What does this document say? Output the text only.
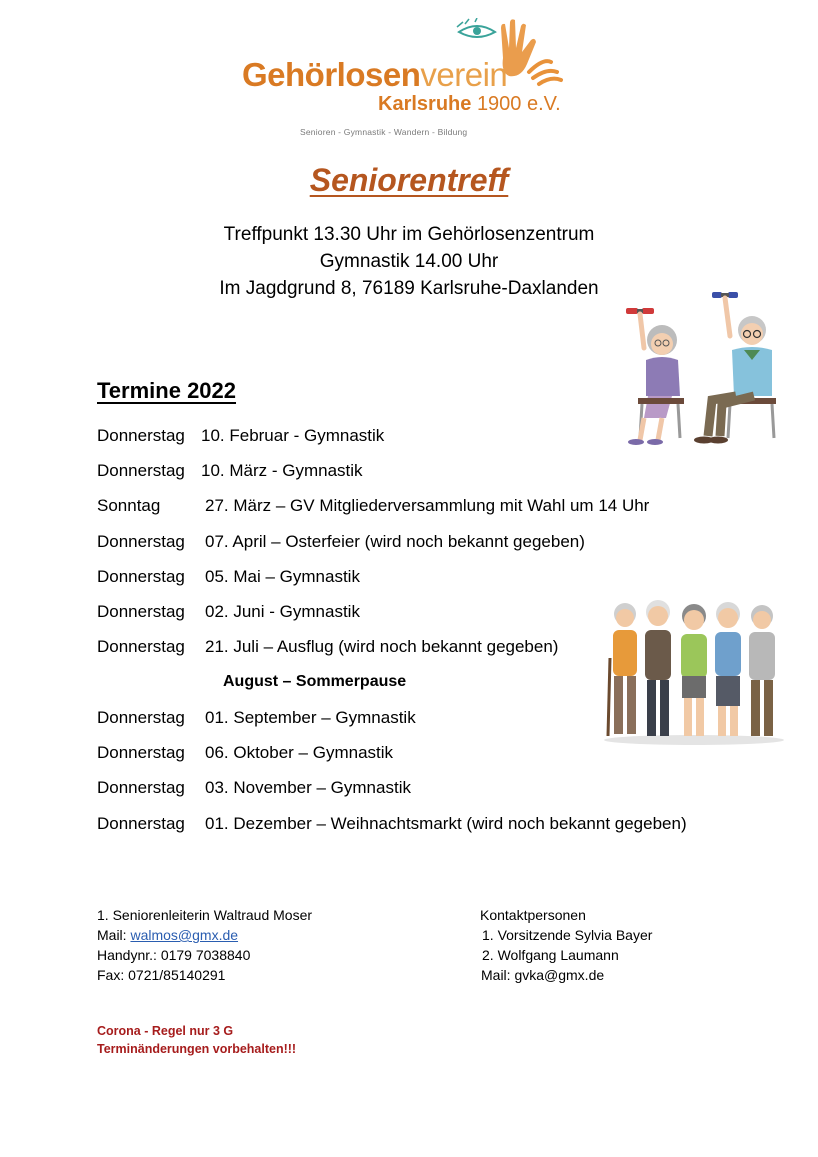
Gehörlosenverein
Karlsruhe 1900 e.V.
Senioren - Gymnastik - Wandern - Bildung
Seniorentreff
Treffpunkt 13.30 Uhr im Gehörlosenzentrum
Gymnastik 14.00 Uhr
Im Jagdgrund 8, 76189 Karlsruhe-Daxlanden
Termine 2022
Donnerstag 10. Februar - Gymnastik
Donnerstag 10. März - Gymnastik
Sonntag	27. März – GV Mitgliederversammlung mit Wahl um 14 Uhr
Donnerstag 07. April – Osterfeier (wird noch bekannt gegeben)
Donnerstag 05. Mai – Gymnastik
Donnerstag 02. Juni - Gymnastik
Donnerstag 21. Juli – Ausflug (wird noch bekannt gegeben)
August – Sommerpause
Donnerstag 01. September – Gymnastik
Donnerstag 06. Oktober – Gymnastik
Donnerstag 03. November – Gymnastik
Donnerstag 01. Dezember – Weihnachtsmarkt (wird noch bekannt gegeben)
1. Seniorenleiterin Waltraud Moser
Mail: walmos@gmx.de
Handynr.: 0179 7038840
Fax: 0721/85140291
Kontaktpersonen
1. Vorsitzende Sylvia Bayer
2. Wolfgang Laumann
Mail: gvka@gmx.de
Corona - Regel nur 3 G
Terminänderungen vorbehalten!!!
